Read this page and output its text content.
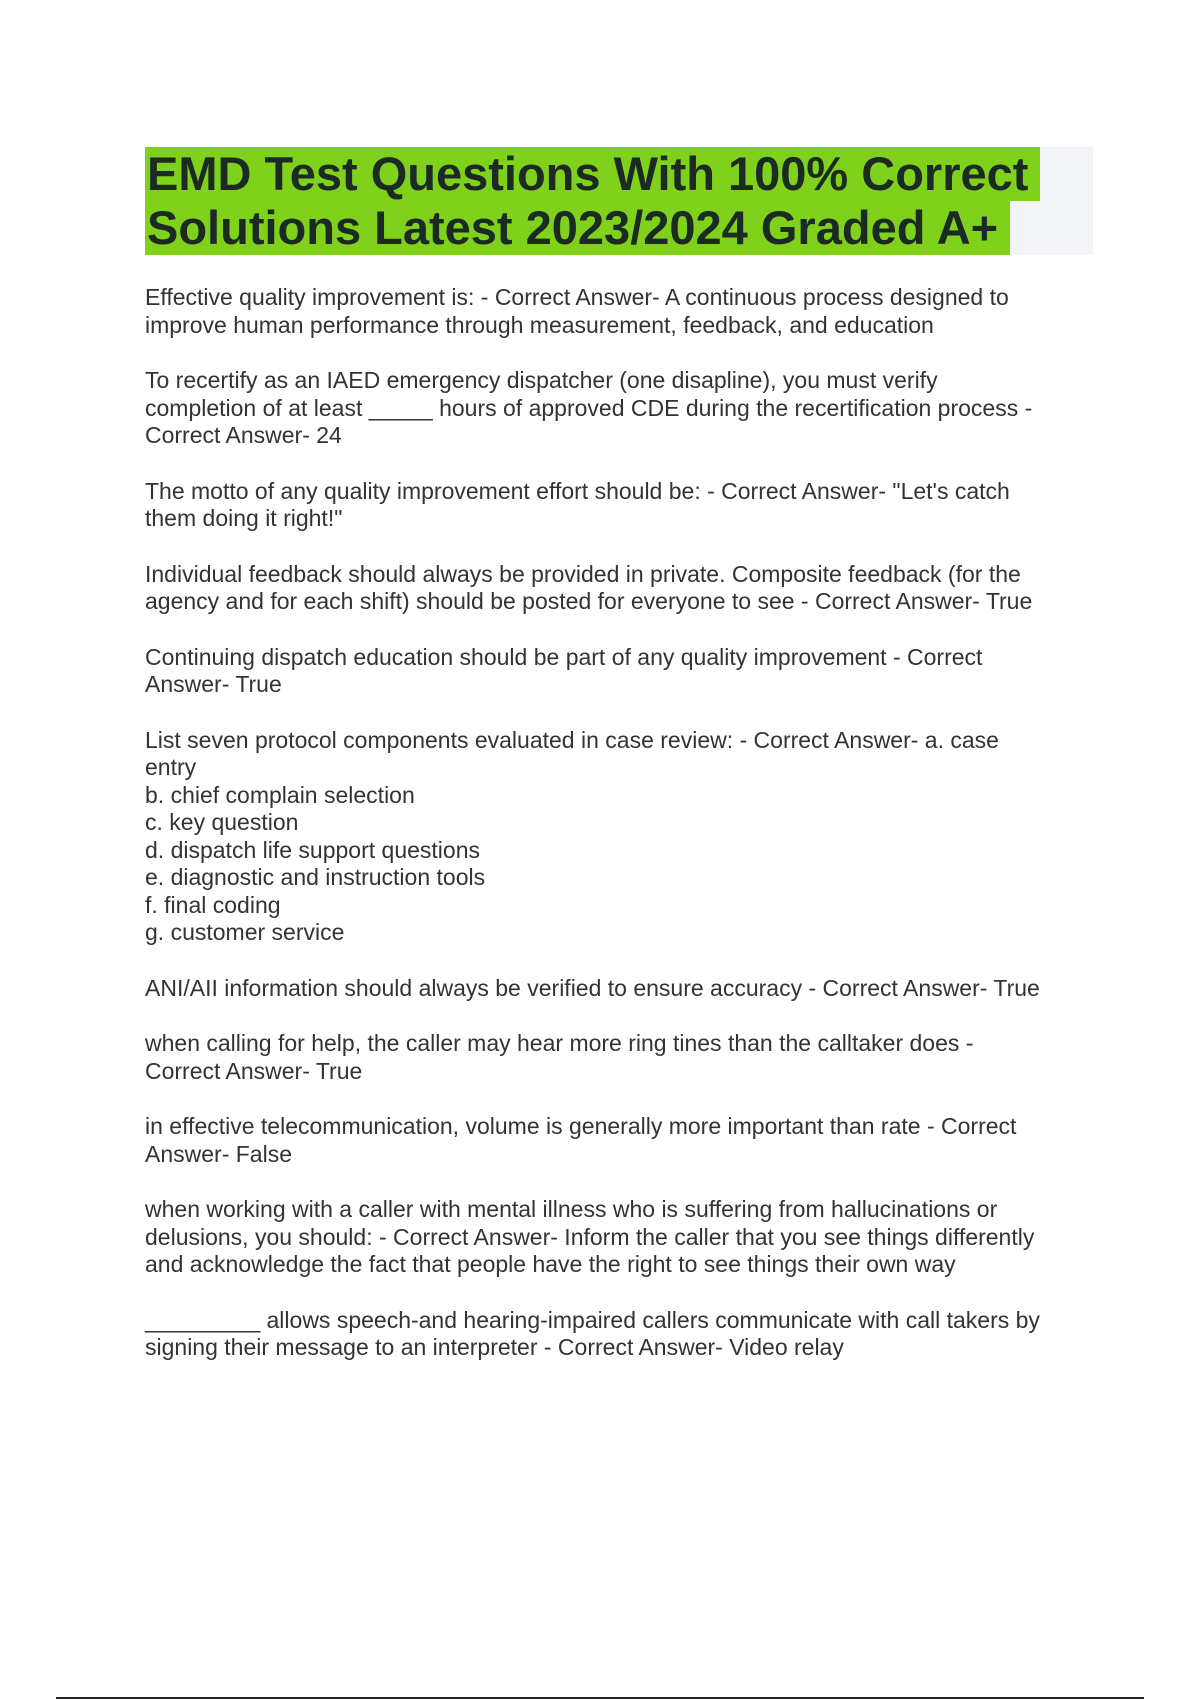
EMD Test Questions With 100% Correct
Solutions Latest 2023/2024 Graded A+

Effective quality improvement is: - Correct Answer- A continuous process designed to
improve human performance through measurement, feedback, and education

To recertify as an IAED emergency dispatcher (one disapline), you must verify
completion of at least _____ hours of approved CDE during the recertification process -
Correct Answer- 24

The motto of any quality improvement effort should be: - Correct Answer- "Let's catch
them doing it right!"

Individual feedback should always be provided in private. Composite feedback (for the
agency and for each shift) should be posted for everyone to see - Correct Answer- True

Continuing dispatch education should be part of any quality improvement - Correct
Answer- True

List seven protocol components evaluated in case review: - Correct Answer- a. case
entry
b. chief complain selection
c. key question
d. dispatch life support questions
e. diagnostic and instruction tools
f. final coding
g. customer service

ANI/AII information should always be verified to ensure accuracy - Correct Answer- True

when calling for help, the caller may hear more ring tines than the calltaker does -
Correct Answer- True

in effective telecommunication, volume is generally more important than rate - Correct
Answer- False

when working with a caller with mental illness who is suffering from hallucinations or
delusions, you should: - Correct Answer- Inform the caller that you see things differently
and acknowledge the fact that people have the right to see things their own way

_________ allows speech-and hearing-impaired callers communicate with call takers by
signing their message to an interpreter - Correct Answer- Video relay
